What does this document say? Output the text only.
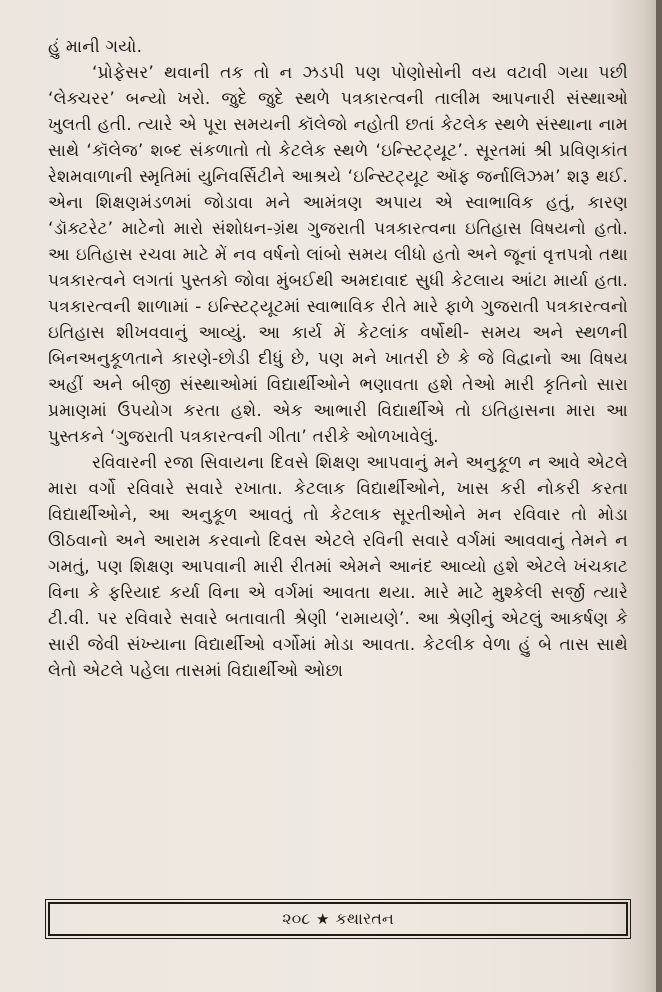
હું માની ગયો.

‘પ્રોફેસર’ થવાની તક તો ન ઝડપી પણ પોણોસોની વય વટાવી ગયા પછી ‘લેક્ચરર’ બન્યો ખરો. જુદે જુદે સ્થળે પત્રકારત્વની તાલીમ આપનારી સંસ્થાઓ ખુલતી હતી. ત્યારે એ પૂરા સમયની કૉલેજો નહોતી છતાં કેટલેક સ્થળે સંસ્થાના નામ સાથે ‘કૉલેજ’ શબ્દ સંકળાતો તો કેટલેક સ્થળે ‘ઇન્સ્ટિટ્યૂટ’. સૂરતમાં શ્રી પ્રવિણકાંત રેશમવાળાની સ્મૃતિમાં યુનિવર્સિટીને આશ્રયે ‘ઇન્સ્ટિટ્યૂટ ઑફ જર્નાલિઝમ’ શરૂ થઈ. એના શિક્ષણમંડળમાં જોડાવા મને આમંત્રણ અપાય એ સ્વાભાવિક હતું, કારણ ‘ડૉક્ટરેટ’ માટેનો મારો સંશોધન-ગ્રંથ ગુજરાતી પત્રકારત્વના ઇતિહાસ વિષયનો હતો. આ ઇતિહાસ રચવા માટે મેં નવ વર્ષનો લાંબો સમય લીધો હતો અને જૂનાં વૃત્તપત્રો તથા પત્રકારત્વને લગતાં પુસ્તકો જોવા મુંબઈથી અમદાવાદ સુધી કેટલાય આંટા માર્યા હતા. પત્રકારત્વની શાળામાં - ઇન્સ્ટિટ્યૂટમાં સ્વાભાવિક રીતે મારે ફાળે ગુજરાતી પત્રકારત્વનો ઇતિહાસ શીખવવાનું આવ્યું. આ કાર્ય મેં કેટલાંક વર્ષોથી- સમય અને સ્થળની બિનઅનુકૂળતાને કારણે-છોડી દીધું છે, પણ મને ખાતરી છે કે જે વિદ્વાનો આ વિષય અહીં અને બીજી સંસ્થાઓમાં વિદ્યાર્થીઓને ભણાવતા હશે તેઓ મારી કૃતિનો સારા પ્રમાણમાં ઉપયોગ કરતા હશે. એક આભારી વિદ્યાર્થીએ તો ઇતિહાસના મારા આ પુસ્તકને ‘ગુજરાતી પત્રકારત્વની ગીતા’ તરીકે ઓળખાવેલું.

રવિવારની રજા સિવાયના દિવસે શિક્ષણ આપવાનું મને અનુકૂળ ન આવે એટલે મારા વર્ગો રવિવારે સવારે રખાતા. કેટલાક વિદ્યાર્થીઓને, ખાસ કરી નોકરી કરતા વિદ્યાર્થીઓને, આ અનુકૂળ આવતું તો કેટલાક સૂરતીઓને મન રવિવાર તો મોડા ઊઠવાનો અને આરામ કરવાનો દિવસ એટલે રવિની સવારે વર્ગમાં આવવાનું તેમને ન ગમતું, પણ શિક્ષણ આપવાની મારી રીતમાં એમને આનંદ આવ્યો હશે એટલે ખંચકાટ વિના કે ફરિયાદ કર્યા વિના એ વર્ગમાં આવતા થયા. મારે માટે મુશ્કેલી સર્જી ત્યારે ટી.વી. પર રવિવારે સવારે બતાવાતી શ્રેણી ‘રામાયણે’. આ શ્રેણીનું એટલું આકર્ષણ કે સારી જેવી સંખ્યાના વિદ્યાર્થીઓ વર્ગોમાં મોડા આવતા. કેટલીક વેળા હું બે તાસ સાથે લેતો એટલે પહેલા તાસમાં વિદ્યાર્થીઓ ઓછા

૨૦૮ ★ કથારતન
